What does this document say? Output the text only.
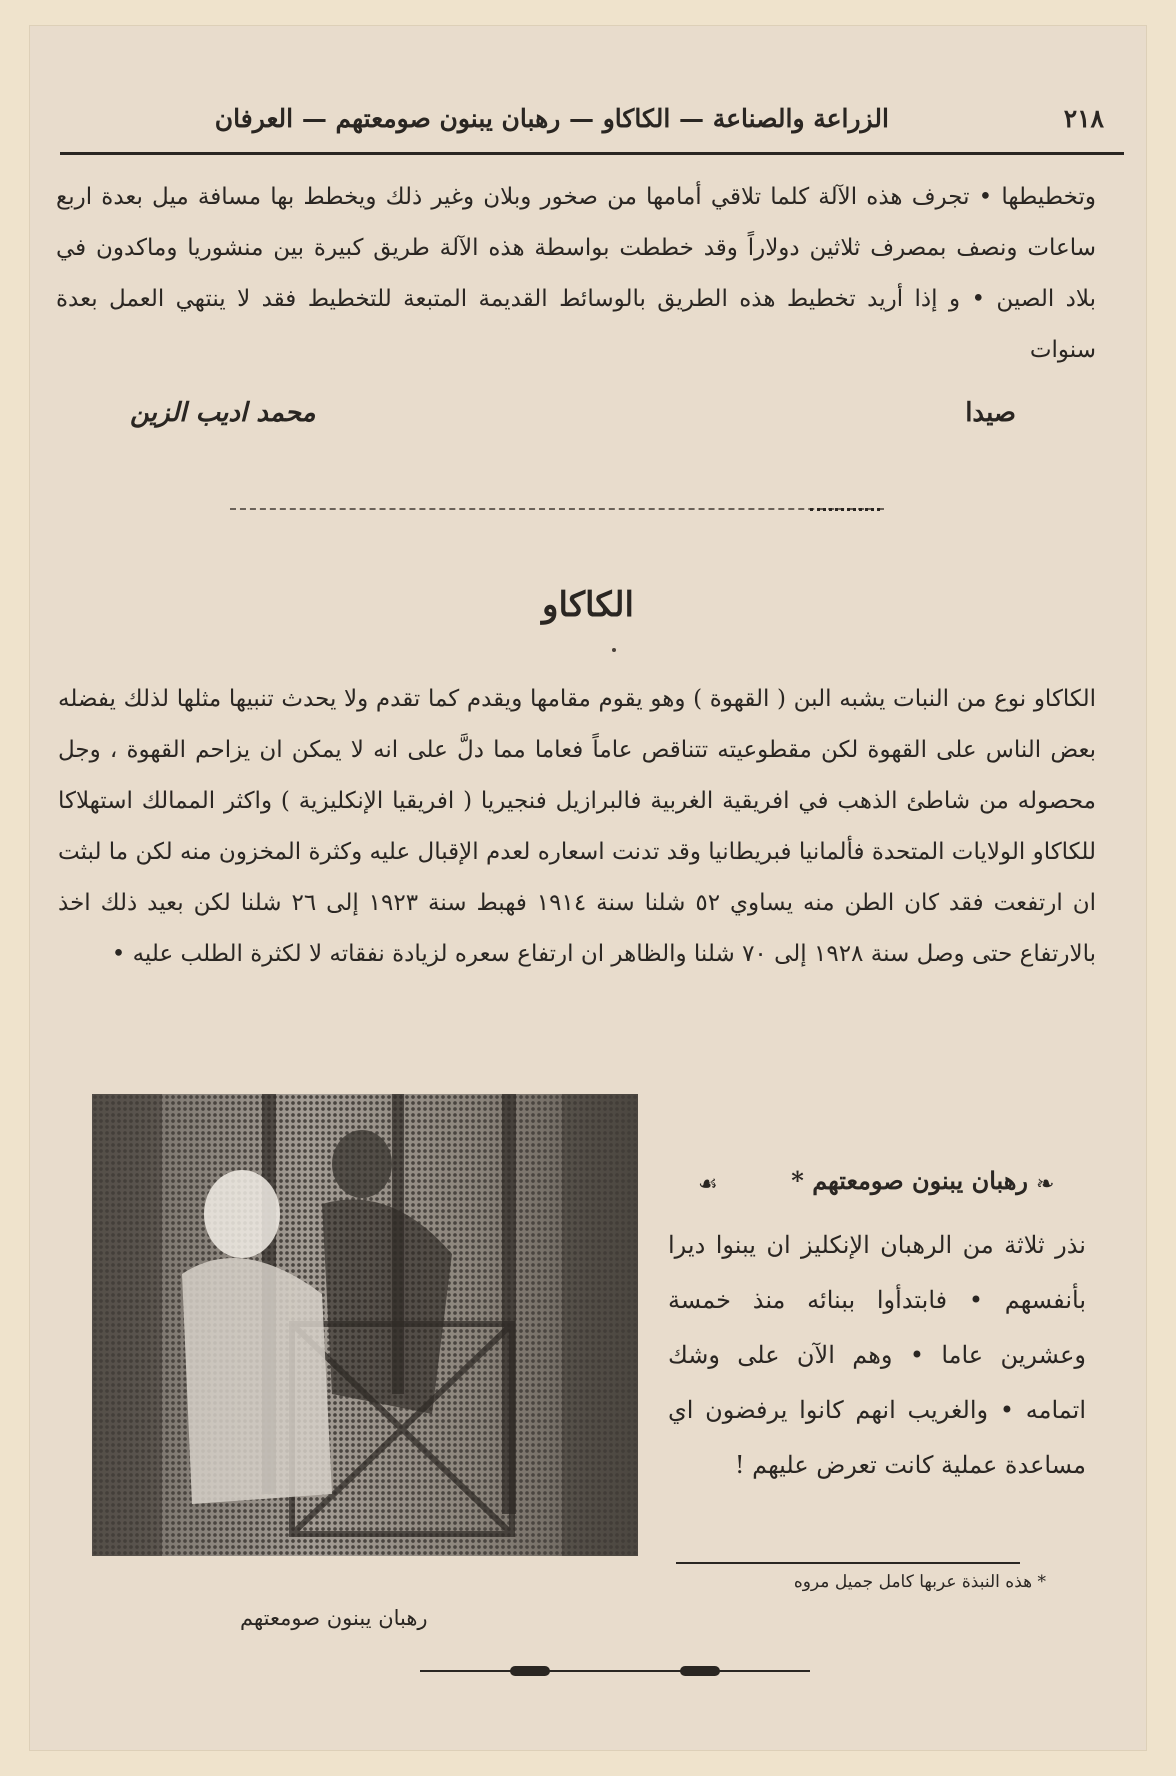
٢١٨
الزراعة والصناعة — الكاكاو — رهبان يبنون صومعتهم — العرفان
وتخطيطها • تجرف هذه الآلة كلما تلاقي أمامها من صخور وبلان وغير ذلك ويخطط بها مسافة ميل بعدة اربع ساعات ونصف بمصرف ثلاثين دولاراً وقد خططت بواسطة هذه الآلة طريق كبيرة بين منشوريا وماكدون في بلاد الصين • و إذا أريد تخطيط هذه الطريق بالوسائط القديمة المتبعة للتخطيط فقد لا ينتهي العمل بعدة سنوات
صيدا
محمد اديب الزين
الكاكاو
الكاكاو نوع من النبات يشبه البن ( القهوة ) وهو يقوم مقامها ويقدم كما تقدم ولا يحدث تنبيها مثلها لذلك يفضله بعض الناس على القهوة لكن مقطوعيته تتناقص عاماً فعاما مما دلَّ على انه لا يمكن ان يزاحم القهوة ، وجل محصوله من شاطئ الذهب في افريقية الغربية فالبرازيل فنجيريا ( افريقيا الإنكليزية ) واكثر الممالك استهلاكا للكاكاو الولايات المتحدة فألمانيا فبريطانيا وقد تدنت اسعاره لعدم الإقبال عليه وكثرة المخزون منه لكن ما لبثت ان ارتفعت فقد كان الطن منه يساوي ٥٢ شلنا سنة ١٩١٤ فهبط سنة ١٩٢٣ إلى ٢٦ شلنا لكن بعيد ذلك اخذ بالارتفاع حتى وصل سنة ١٩٢٨ إلى ٧٠ شلنا والظاهر ان ارتفاع سعره لزيادة نفقاته لا لكثرة الطلب عليه •
رهبان يبنون صومعتهم
❧
رهبان يبنون صومعتهم *
☙
نذر ثلاثة من الرهبان الإنكليز ان يبنوا ديرا بأنفسهم • فابتدأوا ببنائه منذ خمسة وعشرين عاما • وهم الآن على وشك اتمامه • والغريب انهم كانوا يرفضون اي مساعدة عملية كانت تعرض عليهم !
* هذه النبذة عربها كامل جميل مروه
